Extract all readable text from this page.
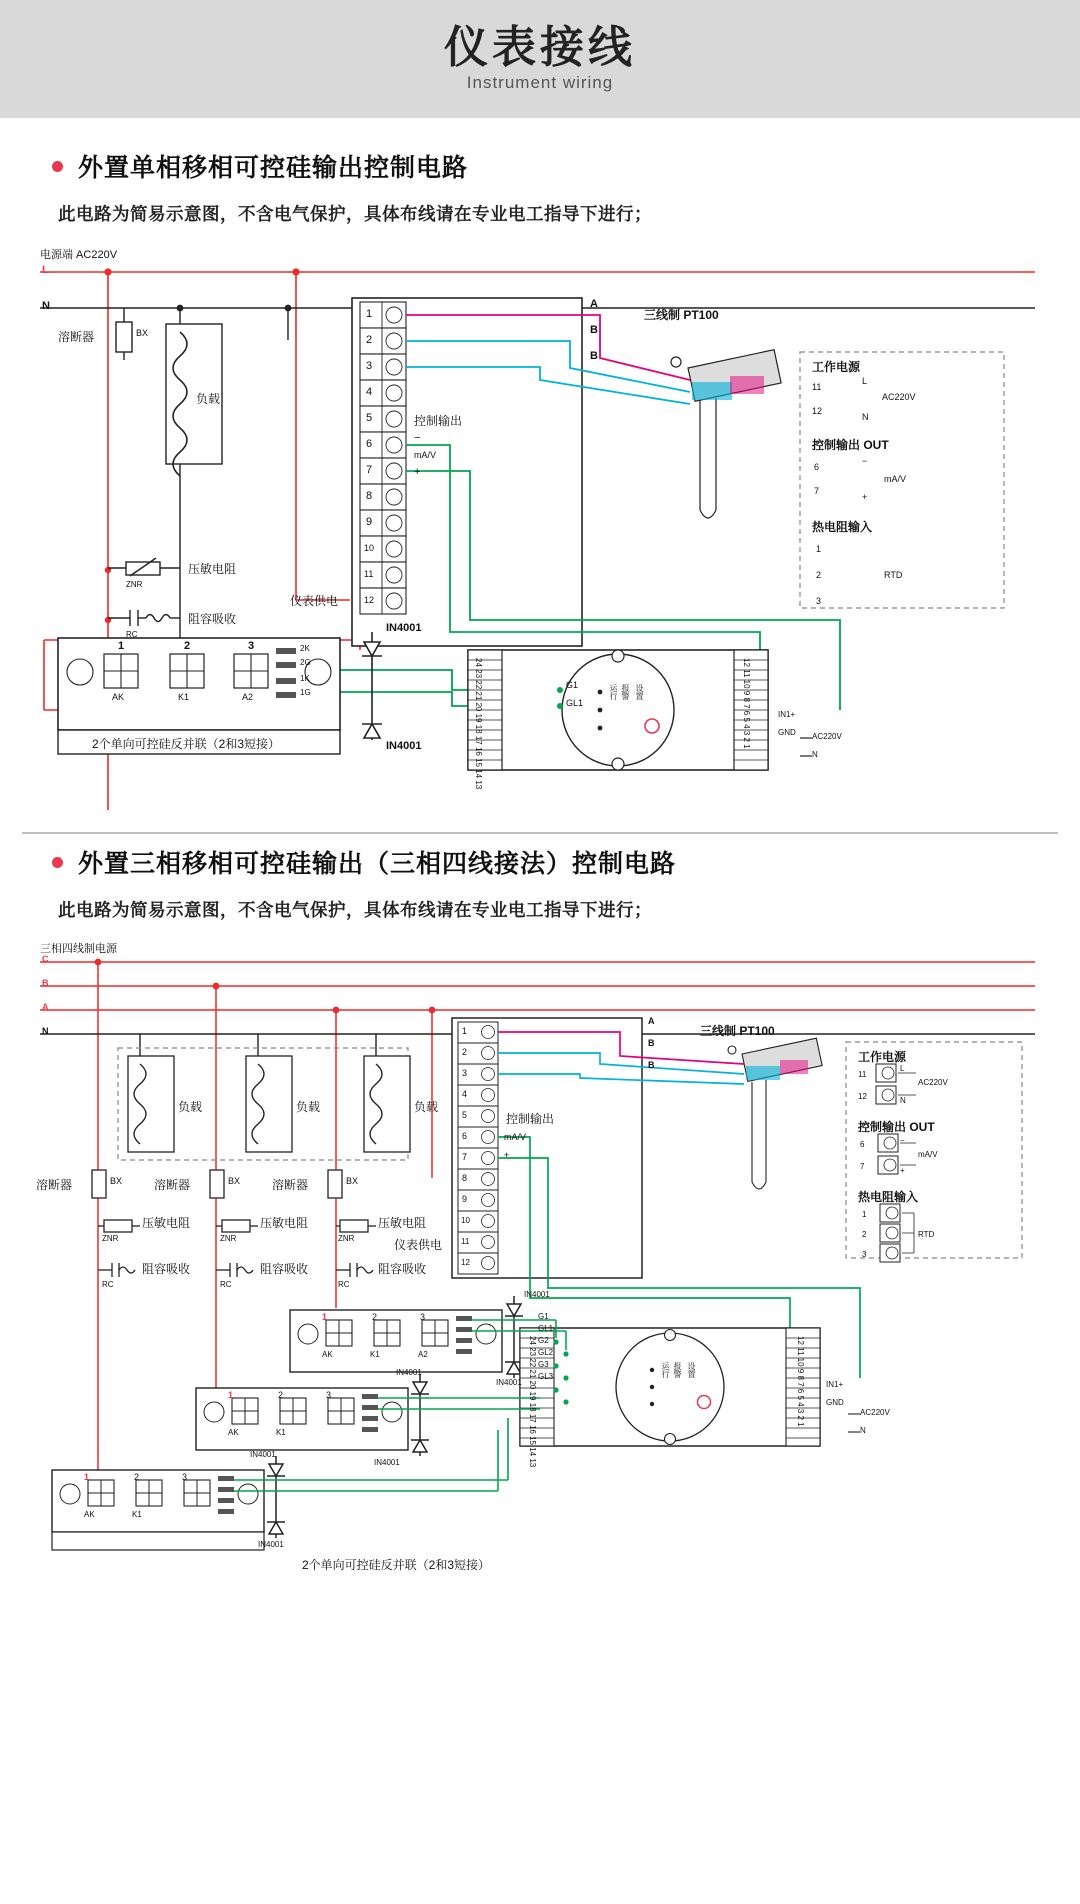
仪表接线
Instrument wiring
外置单相移相可控硅输出控制电路
此电路为简易示意图，不含电气保护，具体布线请在专业电工指导下进行；
电源端 AC220V
L
N
溶断器	BX
负载
压敏电阻
ZNR
阻容吸收
RC
仪表供电
控制输出
−
mA/V
+
A
B
B
三线制 PT100
IN4001
IN4001
2个单向可控硅反并联（2和3短接）
1	2	3
AK	K1	A2
2K
2G
1K
1G
G1
GL1
IN1+
GND AC220V
N
1
2
3
4
5
6
7
8
9
10
11
12
24 23 22 21 20 19 18 17 16 15 14 13	12 11 10 9 8 7 6 5 4 3 2 1
运行 报警 设置
工作电源
11
L
12
N
AC220V
控制输出 OUT
6
−
7
+
mA/V
热电阻输入
1
2
3
RTD
外置三相移相可控硅输出（三相四线接法）控制电路
此电路为简易示意图，不含电气保护，具体布线请在专业电工指导下进行；
三相四线制电源
C
B
A
N
负载	负载	负载
溶断器	BX	溶断器	BX	溶断器	BX
压敏电阻	压敏电阻	压敏电阻
ZNR	ZNR	ZNR
阻容吸收	阻容吸收	阻容吸收
RC	RC	RC
仪表供电
控制输出
mA/V
+
A
B
B
三线制 PT100
1
2
3
4
5
6
7
8
9
10
11
12
1	2	3
AK	K1	A2
1	2	3
AK	K1
1	2	3
AK	K1
IN4001
IN4001
IN4001
IN4001
IN4001
IN4001
G1
GL1
G2
GL2
G3
GL3
IN1+
GND
AC220V
N
24 23 22 21 20 19 18 17 16 15 14 13	12 11 10 9 8 7 6 5 4 3 2 1
运行 报警 设置
2个单向可控硅反并联（2和3短接）
工作电源
11
L
12	N
AC220V
控制输出 OUT
6	−
7	+
mA/V
热电阻输入
1
2
3
RTD
